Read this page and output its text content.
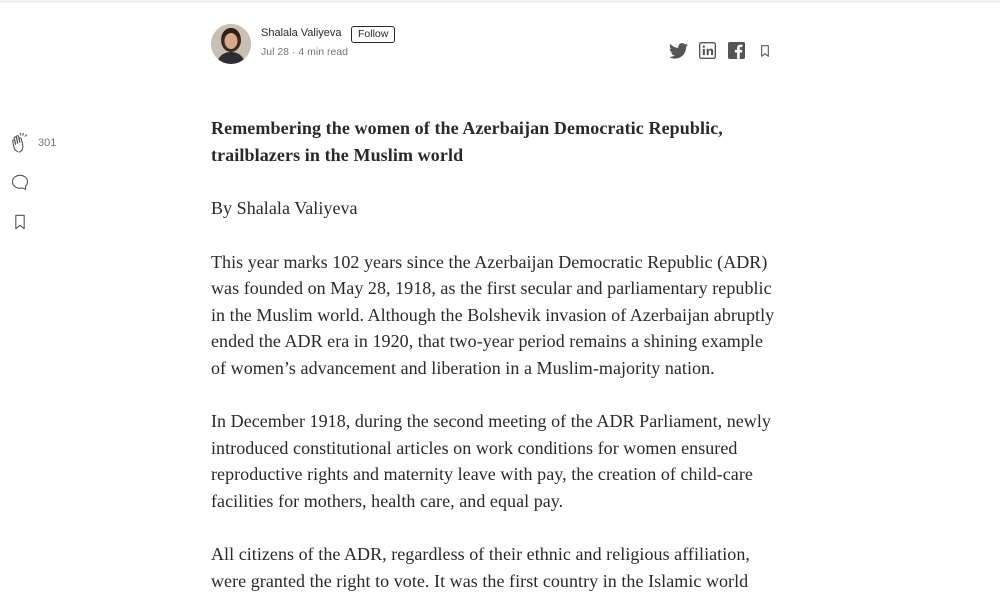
301
Shalala Valiyeva	Follow
Jul 28 · 4 min read
Remembering the women of the Azerbaijan Democratic Republic, trailblazers in the Muslim world

By Shalala Valiyeva

This year marks 102 years since the Azerbaijan Democratic Republic (ADR) was founded on May 28, 1918, as the first secular and parliamentary republic in the Muslim world. Although the Bolshevik invasion of Azerbaijan abruptly ended the ADR era in 1920, that two-year period remains a shining example of women’s advancement and liberation in a Muslim-majority nation.

In December 1918, during the second meeting of the ADR Parliament, newly introduced constitutional articles on work conditions for women ensured reproductive rights and maternity leave with pay, the creation of child-care facilities for mothers, health care, and equal pay.

All citizens of the ADR, regardless of their ethnic and religious affiliation, were granted the right to vote. It was the first country in the Islamic world
